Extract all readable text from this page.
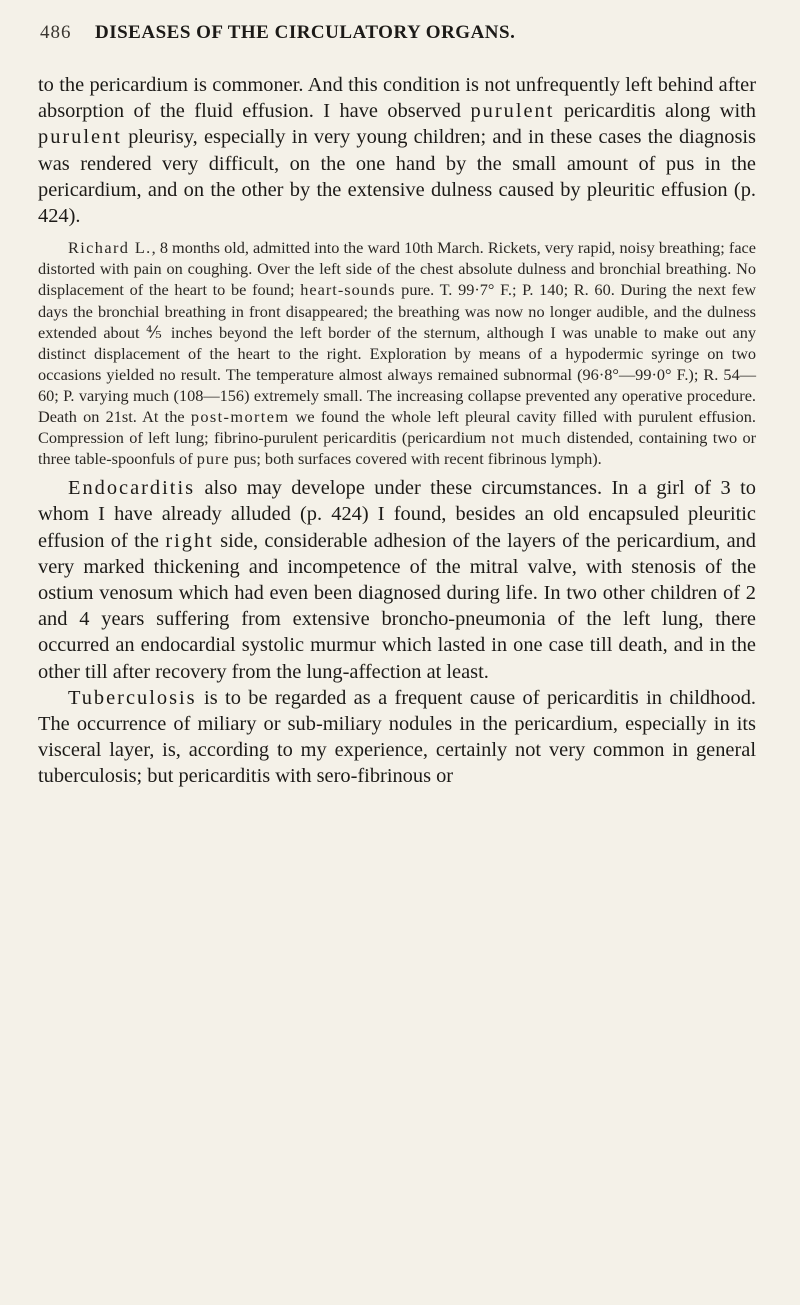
486 DISEASES OF THE CIRCULATORY ORGANS.

to the pericardium is commoner. And this condition is not unfrequently left behind after absorption of the fluid effusion. I have observed purulent pericarditis along with purulent pleurisy, especially in very young children; and in these cases the diagnosis was rendered very difficult, on the one hand by the small amount of pus in the pericardium, and on the other by the extensive dulness caused by pleuritic effusion (p. 424).

Richard L., 8 months old, admitted into the ward 10th March. Rickets, very rapid, noisy breathing; face distorted with pain on coughing. Over the left side of the chest absolute dulness and bronchial breathing. No displacement of the heart to be found; heart-sounds pure. T. 99·7° F.; P. 140; R. 60. During the next few days the bronchial breathing in front disappeared; the breathing was now no longer audible, and the dulness extended about ⅘ inches beyond the left border of the sternum, although I was unable to make out any distinct displacement of the heart to the right. Exploration by means of a hypodermic syringe on two occasions yielded no result. The temperature almost always remained subnormal (96·8°—99·0° F.); R. 54—60; P. varying much (108—156) extremely small. The increasing collapse prevented any operative procedure. Death on 21st. At the post-mortem we found the whole left pleural cavity filled with purulent effusion. Compression of left lung; fibrino-purulent pericarditis (pericardium not much distended, containing two or three table-spoonfuls of pure pus; both surfaces covered with recent fibrinous lymph).

Endocarditis also may develope under these circumstances. In a girl of 3 to whom I have already alluded (p. 424) I found, besides an old encapsuled pleuritic effusion of the right side, considerable adhesion of the layers of the pericardium, and very marked thickening and incompetence of the mitral valve, with stenosis of the ostium venosum which had even been diagnosed during life. In two other children of 2 and 4 years suffering from extensive broncho-pneumonia of the left lung, there occurred an endocardial systolic murmur which lasted in one case till death, and in the other till after recovery from the lung-affection at least.

Tuberculosis is to be regarded as a frequent cause of pericarditis in childhood. The occurrence of miliary or sub-miliary nodules in the pericardium, especially in its visceral layer, is, according to my experience, certainly not very common in general tuberculosis; but pericarditis with sero-fibrinous or
